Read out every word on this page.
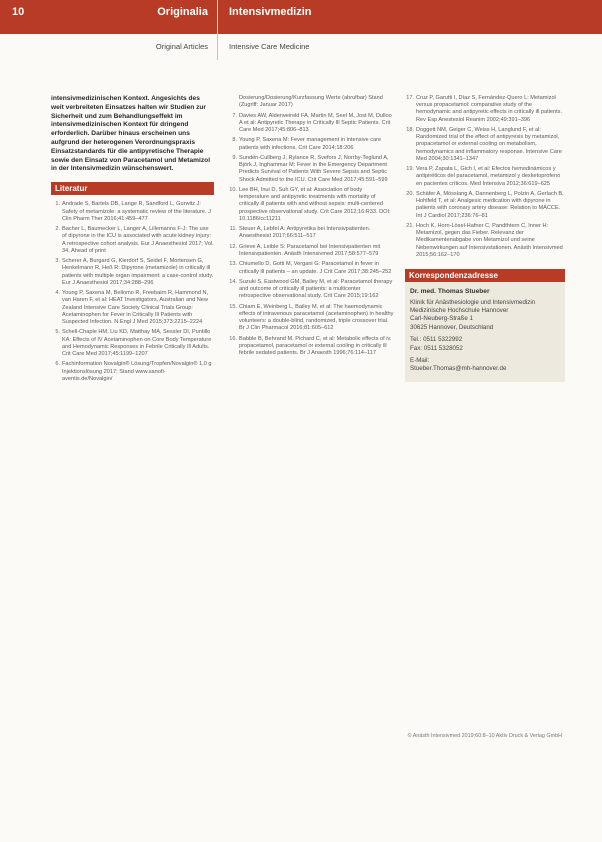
10	Originalia Intensivmedizin
Original Articles	Intensive Care Medicine

intensivmedizinischen Kontext. Angesichts des weit verbreiteten Einsatzes halten wir Studien zur Sicherheit und zum Behandlungseffekt im intensivmedizinischen Kontext für dringend erforderlich. Darüber hinaus erscheinen uns aufgrund der heterogenen Verordnungspraxis Einsatzstandards für die antipyretische Therapie sowie den Einsatz von Paracetamol und Metamizol in der Intensivmedizin wünschenswert.

Literatur
1. Andrade S, Bartels DB, Lange R, Sandford L, Gurwitz J: Safety of metamizole: a systematic review of the literature. J Clin Pharm Ther 2016;41:459–477
2. Bacher L, Baumecker L, Langer A, Lillemanns F-J: The use of dipyrone in the ICU is associated with acute kidney injury: A retrospective cohort analysis. Eur J Anaesthesiol 2017; Vol. 34, Ahead of print
3. Scherer A, Burgard G, Kierdorf S, Seidel F, Mortensen G, Henkelmann R, Heß R: Dipyrone (metamizole) in critically ill patients with multiple organ impairment: a case-control study. Eur J Anaesthesiol 2017;34:288–296
4. Young P, Saxena M, Bellomo R, Freebairn R, Hammond N, van Haren F, et al: HEAT Investigators, Australian and New Zealand Intensive Care Society Clinical Trials Group: Acetaminophen for Fever in Critically Ill Patients with Suspected Infection. N Engl J Med 2015;373:2215–2224
5. Schell-Chaple HM, Liu KD, Matthay MA, Sessler DI, Puntillo KA: Effects of IV Acetaminophen on Core Body Temperature and Hemodynamic Responses in Febrile Critically Ill Adults. Crit Care Med 2017;45:1199–1207
6. Fachinformation Novalgin® Lösung/Tropfen/Novalgin® 1,0 g Injektionslösung 2017; Stand www.sanofi-aventis.de/Novalgin/
Dosierung/Dosierung/Kurzfassung Werte (abrufbar) Stand (Zugriff: Januar 2017)
7. Davies AW, Alderweireld FA, Martin M, Seel M, Jost M, Dulloo A et al: Antipyretic Therapy in Critically Ill Septic Patients. Crit Care Med 2017;45:806–813
8. Young P, Saxena M: Fever management in intensive care patients with infections. Crit Care 2014;18:206
9. Sundén-Cullberg J, Rylance R, Svefors J, Norrby-Teglund A, Björk J, Inghammar M: Fever in the Emergency Department Predicts Survival of Patients With Severe Sepsis and Septic Shock Admitted to the ICU. Crit Care Med 2017;45:591–599
10. Lee BH, Inui D, Suh GY, et al: Association of body temperature and antipyretic treatments with mortality of critically ill patients with and without sepsis: multi-centered prospective observational study. Crit Care 2012;16:R33. DOI: 10.1186/cc11211
11. Steuer A, Lebfel A: Antipyretika bei Intensivpatienten. Anaesthesist 2017;66:511–517
12. Grieve A, Leible S: Paracetamol bei Intensivpatienten mit Intensivpatienten. Anästh Intensivmed 2017;58:577–579
13. Chiumello D, Gotti M, Vergani G: Paracetamol in fever in critically ill patients – an update. J Crit Care 2017;38:245–252
14. Suzuki S, Eastwood GM, Bailey M, et al: Paracetamol therapy and outcome of critically ill patients: a multicenter retrospective observational study. Crit Care 2015;19:162
15. Chiam E, Weinberg L, Bailey M, et al: The haemodynamic effects of intravenous paracetamol (acetaminophen) in healthy volunteers: a double-blind, randomized, triple crossover trial. Br J Clin Pharmacol 2016;81:605–612
16. Babble B, Behrand M, Pichard C, et al: Metabolic effects of iv. propacetamol, paracetamol or external cooling in critically ill febrile sedated patients. Br J Anaesth 1996;76:114–117
17. Cruz P, Garutti I, Díaz S, Fernández-Quero L: Metamizol versus propacetamol: comparative study of the hemodynamic and antipyretic effects in critically ill patients. Rev Esp Anestesiol Reanim 2002;49:391–396
18. Doggett NM, Geiger C, Weiss H, Langlund F, et al: Randomized trial of the effect of antipyresis by metamizol, propacetamol or external cooling on metabolism, hemodynamics and inflammatory response. Intensive Care Med 2004;30:1341–1347
19. Vera P, Zapata L, Gich I, et al: Efectos hemodinámicos y antipiréticos del paracetamol, metamizol y dexketoprofeno en pacientes críticos. Med Intensiva 2012;36:619–625
20. Schäfer A, Mösslang A, Dannenberg L, Polzin A, Gerlach B, Hohlfeld T, et al: Analgesic medication with dipyrone in patients with coronary artery disease: Relation to MACCE. Int J Cardiol 2017;236:76–81
21. Hoch K, Horn-Lösel-Hafner C, Pandthtern C, Inner H: Metamizol, gegen das Fieber. Relevanz der Medikamentenabgabe von Metamizol und seine Nebenwirkungen auf Intensivstationen. Anästh Intensivmed 2015;56:162–170
Korrespondenzadresse
Dr. med. Thomas Stueber
Klinik für Anästhesiologie und Intensivmedizin
Medizinische Hochschule Hannover
Carl-Neuberg-Straße 1
30625 Hannover, Deutschland
Tel.: 0511 5322992
Fax: 0511 5328052
E-Mail:
Stueber.Thomas@mh-hannover.de
© Anästh Intensivmed 2019;60:8–10 Aktiv Druck & Verlag GmbH
